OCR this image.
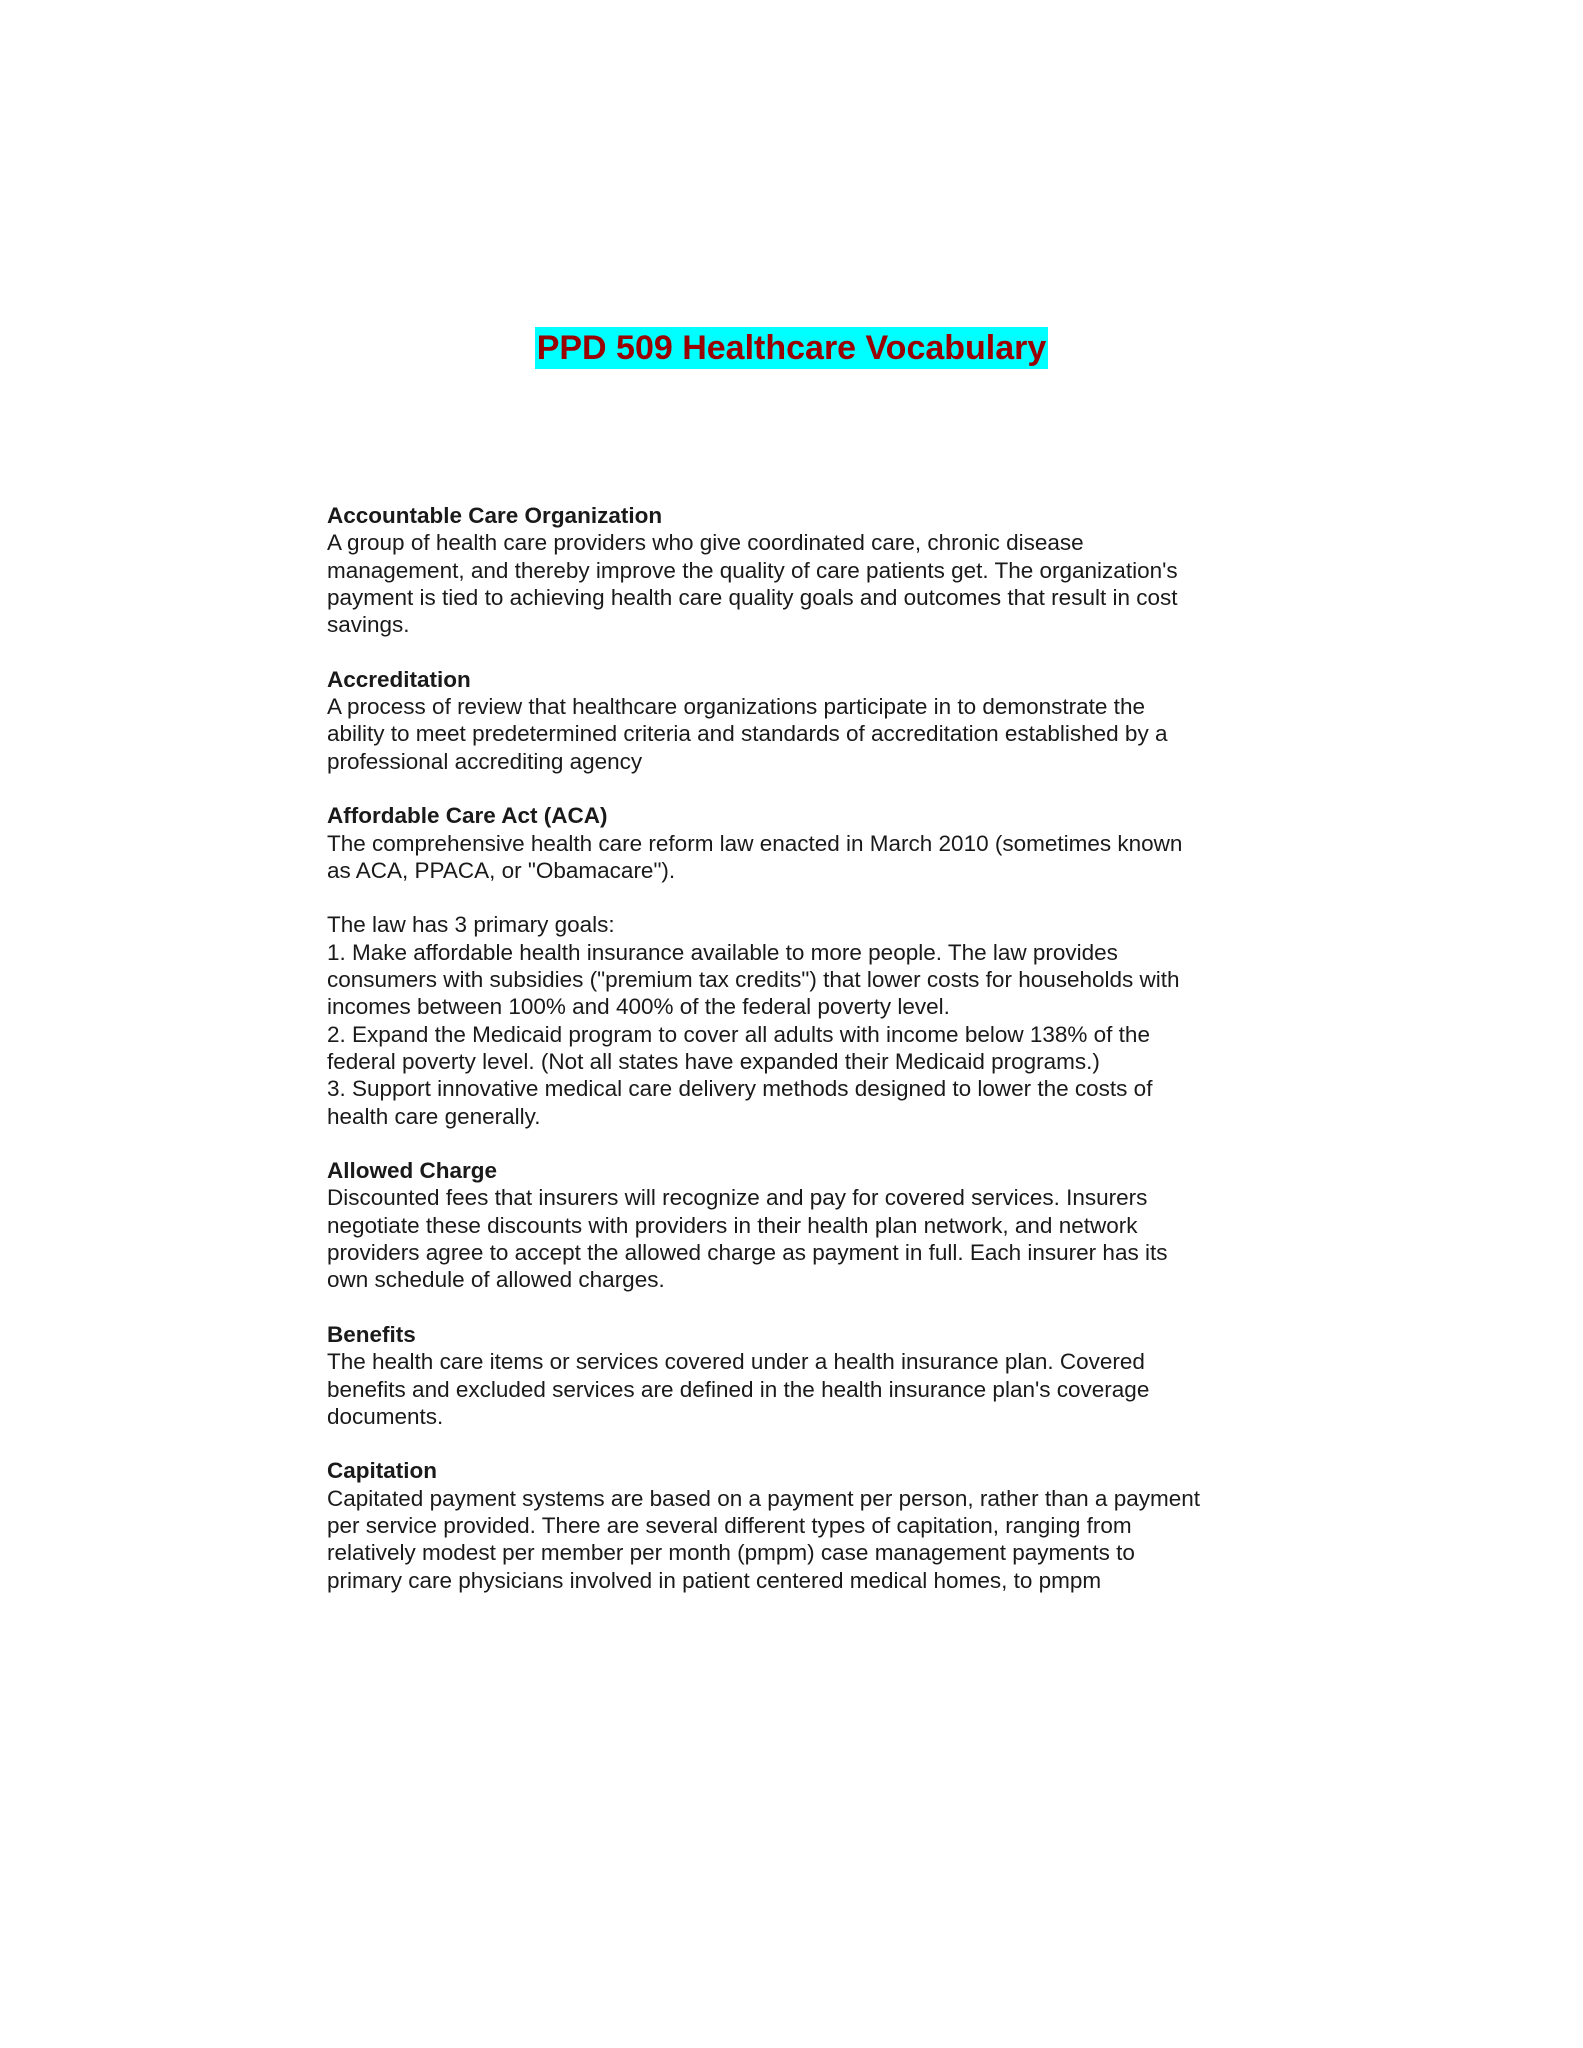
PPD 509 Healthcare Vocabulary

Accountable Care Organization

A group of health care providers who give coordinated care, chronic disease

management, and thereby improve the quality of care patients get. The organization's

payment is tied to achieving health care quality goals and outcomes that result in cost

savings.

Accreditation

A process of review that healthcare organizations participate in to demonstrate the

ability to meet predetermined criteria and standards of accreditation established by a

professional accrediting agency

Affordable Care Act (ACA)

The comprehensive health care reform law enacted in March 2010 (sometimes known

as ACA, PPACA, or "Obamacare").

The law has 3 primary goals:

1. Make affordable health insurance available to more people. The law provides

consumers with subsidies ("premium tax credits") that lower costs for households with

incomes between 100% and 400% of the federal poverty level.

2. Expand the Medicaid program to cover all adults with income below 138% of the

federal poverty level. (Not all states have expanded their Medicaid programs.)

3. Support innovative medical care delivery methods designed to lower the costs of

health care generally.

Allowed Charge

Discounted fees that insurers will recognize and pay for covered services. Insurers

negotiate these discounts with providers in their health plan network, and network

providers agree to accept the allowed charge as payment in full. Each insurer has its

own schedule of allowed charges.

Benefits

The health care items or services covered under a health insurance plan. Covered

benefits and excluded services are defined in the health insurance plan's coverage

documents.

Capitation

Capitated payment systems are based on a payment per person, rather than a payment

per service provided. There are several different types of capitation, ranging from

relatively modest per member per month (pmpm) case management payments to

primary care physicians involved in patient centered medical homes, to pmpm
